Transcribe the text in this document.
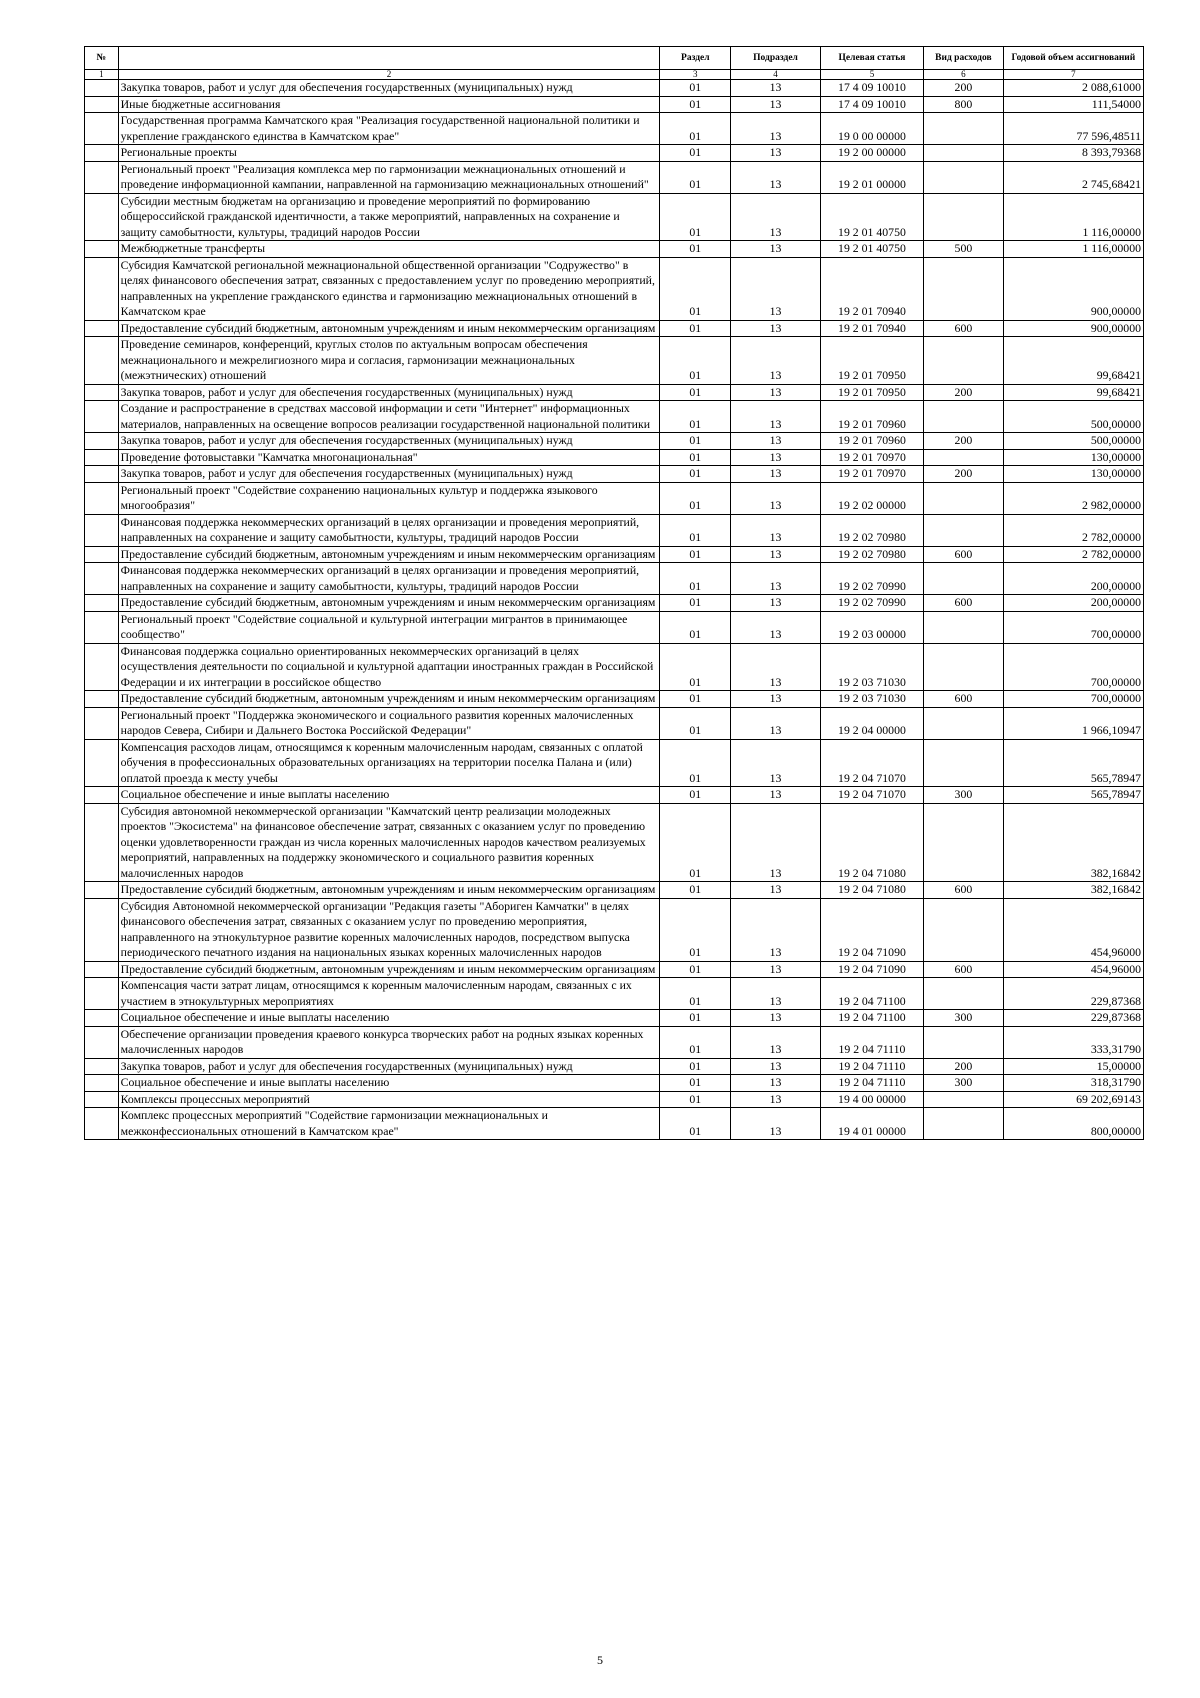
№		Раздел	Подраздел	Целевая статья	Вид расходов	Годовой объем ассигнований
1	2	3	4	5	6	7
	Закупка товаров, работ и услуг для обеспечения государственных (муниципальных) нужд	01	13	17 4 09 10010	200	2 088,61000
	Иные бюджетные ассигнования	01	13	17 4 09 10010	800	111,54000
	Государственная программа Камчатского края "Реализация государственной национальной политики и укрепление гражданского единства в Камчатском крае"	01	13	19 0 00 00000		77 596,48511
	Региональные проекты	01	13	19 2 00 00000		8 393,79368
	Региональный проект "Реализация комплекса мер по гармонизации межнациональных отношений и проведение информационной кампании, направленной на гармонизацию межнациональных отношений"	01	13	19 2 01 00000		2 745,68421
	Субсидии местным бюджетам на организацию и проведение мероприятий по формированию общероссийской гражданской идентичности, а также мероприятий, направленных на сохранение и защиту самобытности, культуры, традиций народов России	01	13	19 2 01 40750		1 116,00000
	Межбюджетные трансферты	01	13	19 2 01 40750	500	1 116,00000
	Субсидия Камчатской региональной межнациональной общественной организации "Содружество" в целях финансового обеспечения затрат, связанных с предоставлением услуг по проведению мероприятий, направленных на укрепление гражданского единства и гармонизацию межнациональных отношений в Камчатском крае	01	13	19 2 01 70940		900,00000
	Предоставление субсидий бюджетным, автономным учреждениям и иным некоммерческим организациям	01	13	19 2 01 70940	600	900,00000
	Проведение семинаров, конференций, круглых столов по актуальным вопросам обеспечения межнационального и межрелигиозного мира и согласия, гармонизации межнациональных (межэтнических) отношений	01	13	19 2 01 70950		99,68421
	Закупка товаров, работ и услуг для обеспечения государственных (муниципальных) нужд	01	13	19 2 01 70950	200	99,68421
	Создание и распространение в средствах массовой информации и сети "Интернет" информационных материалов, направленных на освещение вопросов реализации государственной национальной политики	01	13	19 2 01 70960		500,00000
	Закупка товаров, работ и услуг для обеспечения государственных (муниципальных) нужд	01	13	19 2 01 70960	200	500,00000
	Проведение фотовыставки "Камчатка многонациональная"	01	13	19 2 01 70970		130,00000
	Закупка товаров, работ и услуг для обеспечения государственных (муниципальных) нужд	01	13	19 2 01 70970	200	130,00000
	Региональный проект "Содействие сохранению национальных культур и поддержка языкового многообразия"	01	13	19 2 02 00000		2 982,00000
	Финансовая поддержка некоммерческих организаций в целях организации и проведения мероприятий, направленных на сохранение и защиту самобытности, культуры, традиций народов России	01	13	19 2 02 70980		2 782,00000
	Предоставление субсидий бюджетным, автономным учреждениям и иным некоммерческим организациям	01	13	19 2 02 70980	600	2 782,00000
	Финансовая поддержка некоммерческих организаций в целях организации и проведения мероприятий, направленных на сохранение и защиту самобытности, культуры, традиций народов России	01	13	19 2 02 70990		200,00000
	Предоставление субсидий бюджетным, автономным учреждениям и иным некоммерческим организациям	01	13	19 2 02 70990	600	200,00000
	Региональный проект "Содействие социальной и культурной интеграции мигрантов в принимающее сообщество"	01	13	19 2 03 00000		700,00000
	Финансовая поддержка социально ориентированных некоммерческих организаций в целях осуществления деятельности по социальной и культурной адаптации иностранных граждан в Российской Федерации и их интеграции в российское общество	01	13	19 2 03 71030		700,00000
	Предоставление субсидий бюджетным, автономным учреждениям и иным некоммерческим организациям	01	13	19 2 03 71030	600	700,00000
	Региональный проект "Поддержка экономического и социального развития коренных малочисленных народов Севера, Сибири и Дальнего Востока Российской Федерации"	01	13	19 2 04 00000		1 966,10947
	Компенсация расходов лицам, относящимся к коренным малочисленным народам, связанных с оплатой обучения в профессиональных образовательных организациях на территории поселка Палана и (или) оплатой проезда к месту учебы	01	13	19 2 04 71070		565,78947
	Социальное обеспечение и иные выплаты населению	01	13	19 2 04 71070	300	565,78947
	Субсидия автономной некоммерческой организации "Камчатский центр реализации молодежных проектов "Экосистема" на финансовое обеспечение затрат, связанных с оказанием услуг по проведению оценки удовлетворенности граждан из числа коренных малочисленных народов качеством реализуемых мероприятий, направленных на поддержку экономического и социального развития коренных малочисленных народов	01	13	19 2 04 71080		382,16842
	Предоставление субсидий бюджетным, автономным учреждениям и иным некоммерческим организациям	01	13	19 2 04 71080	600	382,16842
	Субсидия Автономной некоммерческой организации "Редакция газеты "Абориген Камчатки" в целях финансового обеспечения затрат, связанных с оказанием услуг по проведению мероприятия, направленного на этнокультурное развитие коренных малочисленных народов, посредством выпуска периодического печатного издания на национальных языках коренных малочисленных народов	01	13	19 2 04 71090		454,96000
	Предоставление субсидий бюджетным, автономным учреждениям и иным некоммерческим организациям	01	13	19 2 04 71090	600	454,96000
	Компенсация части затрат лицам, относящимся к коренным малочисленным народам, связанных с их участием в этнокультурных мероприятиях	01	13	19 2 04 71100		229,87368
	Социальное обеспечение и иные выплаты населению	01	13	19 2 04 71100	300	229,87368
	Обеспечение организации проведения краевого конкурса творческих работ на родных языках коренных малочисленных народов	01	13	19 2 04 71110		333,31790
	Закупка товаров, работ и услуг для обеспечения государственных (муниципальных) нужд	01	13	19 2 04 71110	200	15,00000
	Социальное обеспечение и иные выплаты населению	01	13	19 2 04 71110	300	318,31790
	Комплексы процессных мероприятий	01	13	19 4 00 00000		69 202,69143
	Комплекс процессных мероприятий "Содействие гармонизации межнациональных и межконфессиональных отношений в Камчатском крае"	01	13	19 4 01 00000		800,00000
5
